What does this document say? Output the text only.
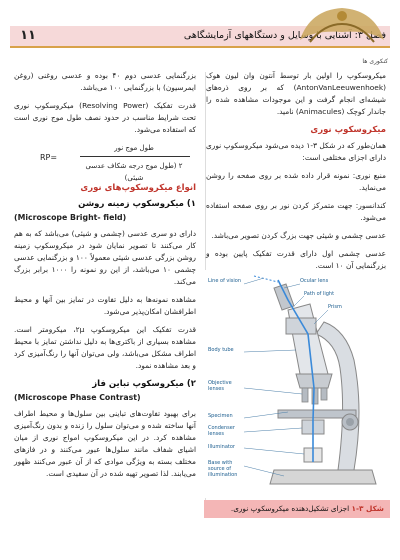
۱۱	فصل ۳: آشنایی با وسایل و دستگاههای آزمایشگاهی
کنکوری ها

میکروسکوپ را اولین بار توسط آنتون وان لیون هوک (AntonVanLeeuwenhoek) که بر روی ذره‌های شیشه‌ای انجام گرفت و این موجودات مشاهده شده را جاندار کوچک (Animacules) نامید.

میکروسکوپ نوری

همان‌طور که در شکل ۳-۱ دیده می‌شود میکروسکوپ نوری دارای اجزای مختلفی است:

منبع نوری: نمونه قرار داده شده بر روی صفحه را روشن می‌نماید.

کندانسور: جهت متمرکز کردن نور بر روی صفحه استفاده می‌شود.

عدسی چشمی و شیئی جهت بزرگ کردن تصویر می‌باشد.

عدسی چشمی اول دارای قدرت تفکیک پایین بوده و بزرگنمایی آن ۱۰ است.

Line of vision	Ocular lens
Path of light
Prism
Body tube
Objective lenses
Specimen
Condenser lenses
Illuminator
Base with source of illumination
شکل ۳-۱ اجزای تشکیل‌دهنده میکروسکوپ نوری.

بزرگنمایی عدسی دوم ۴۰ بوده و عدسی روغنی (روغن ایمرسیون) با بزرگنمایی ۱۰۰ می‌باشد.

قدرت تفکیک (Resolving Power) میکروسکوپ نوری تحت شرایط مناسب در حدود نصف طول موج نوری است که استفاده می‌شود.

RP=
طول موج نور
۲ (طول موج درجه شکاف عدسی شیئی)
انواع میکروسکوپ‌های نوری
۱) میکروسکوپ زمینه روشن
(Microscope Bright- field)

دارای دو سری عدسی (چشمی و شیئی) می‌باشد که به هم کار می‌کنند تا تصویر نمایان شود در میکروسکوپ زمینه روشن بزرگی عدسی شیئی معمولاً ۱۰۰ و بزرگنمایی عدسی چشمی ۱۰ می‌باشد، از این رو نمونه را ۱۰۰۰ برابر بزرگ می‌کند.

مشاهده نمونه‌ها به دلیل تفاوت در تمایز بین آنها و محیط اطرافشان امکان‌پذیر می‌شود.

قدرت تفکیک این میکروسکوپ ۲μ، میکرومتر است. مشاهده بسیاری از باکتری‌ها به دلیل نداشتن تمایز با محیط اطراف مشکل می‌باشد، ولی می‌توان آنها را رنگ‌آمیزی کرد و بعد مشاهده نمود.

۲) میکروسکوپ تباین فاز
(Microscope Phase Contrast)

برای بهبود تفاوت‌های تباینی بین سلول‌ها و محیط اطراف آنها ساخته شده و می‌توان سلول را زنده و بدون رنگ‌آمیزی مشاهده کرد. در این میکروسکوپ امواج نوری از میان اشیای شفاف مانند سلول‌ها عبور می‌کنند و در فازهای مختلف بسته به ویژگی موادی که از آن عبور می‌کنند ظهور می‌یابند. لذا تصویر تهیه شده در آن سفیدی است.
